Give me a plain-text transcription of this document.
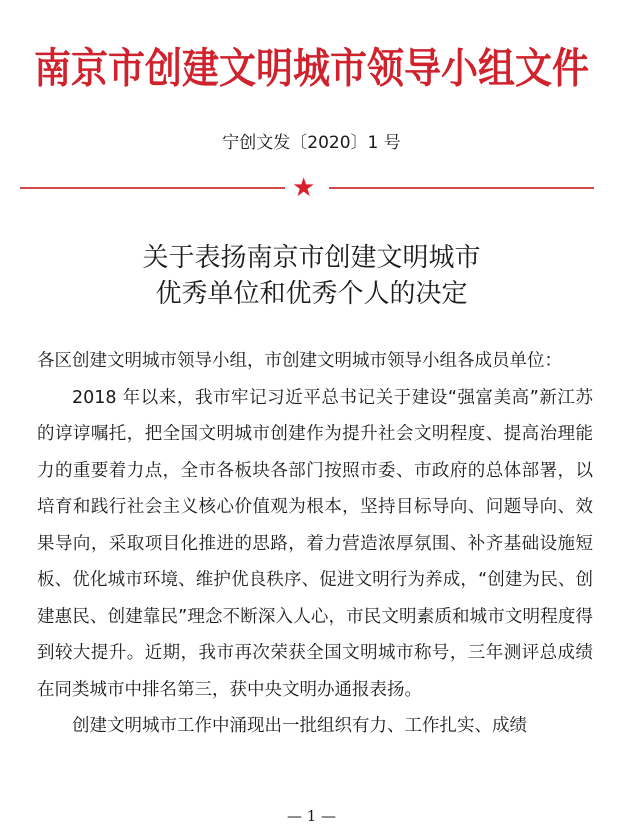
南京市创建文明城市领导小组文件
宁创文发〔2020〕1 号
★
关于表扬南京市创建文明城市
优秀单位和优秀个人的决定

各区创建文明城市领导小组，市创建文明城市领导小组各成员单位：

2018 年以来，我市牢记习近平总书记关于建设“强富美高”新江苏的谆谆嘱托，把全国文明城市创建作为提升社会文明程度、提高治理能力的重要着力点，全市各板块各部门按照市委、市政府的总体部署，以培育和践行社会主义核心价值观为根本，坚持目标导向、问题导向、效果导向，采取项目化推进的思路，着力营造浓厚氛围、补齐基础设施短板、优化城市环境、维护优良秩序、促进文明行为养成，“创建为民、创建惠民、创建靠民”理念不断深入人心，市民文明素质和城市文明程度得到较大提升。近期，我市再次荣获全国文明城市称号，三年测评总成绩在同类城市中排名第三，获中央文明办通报表扬。

创建文明城市工作中涌现出一批组织有力、工作扎实、成绩

— 1 —
